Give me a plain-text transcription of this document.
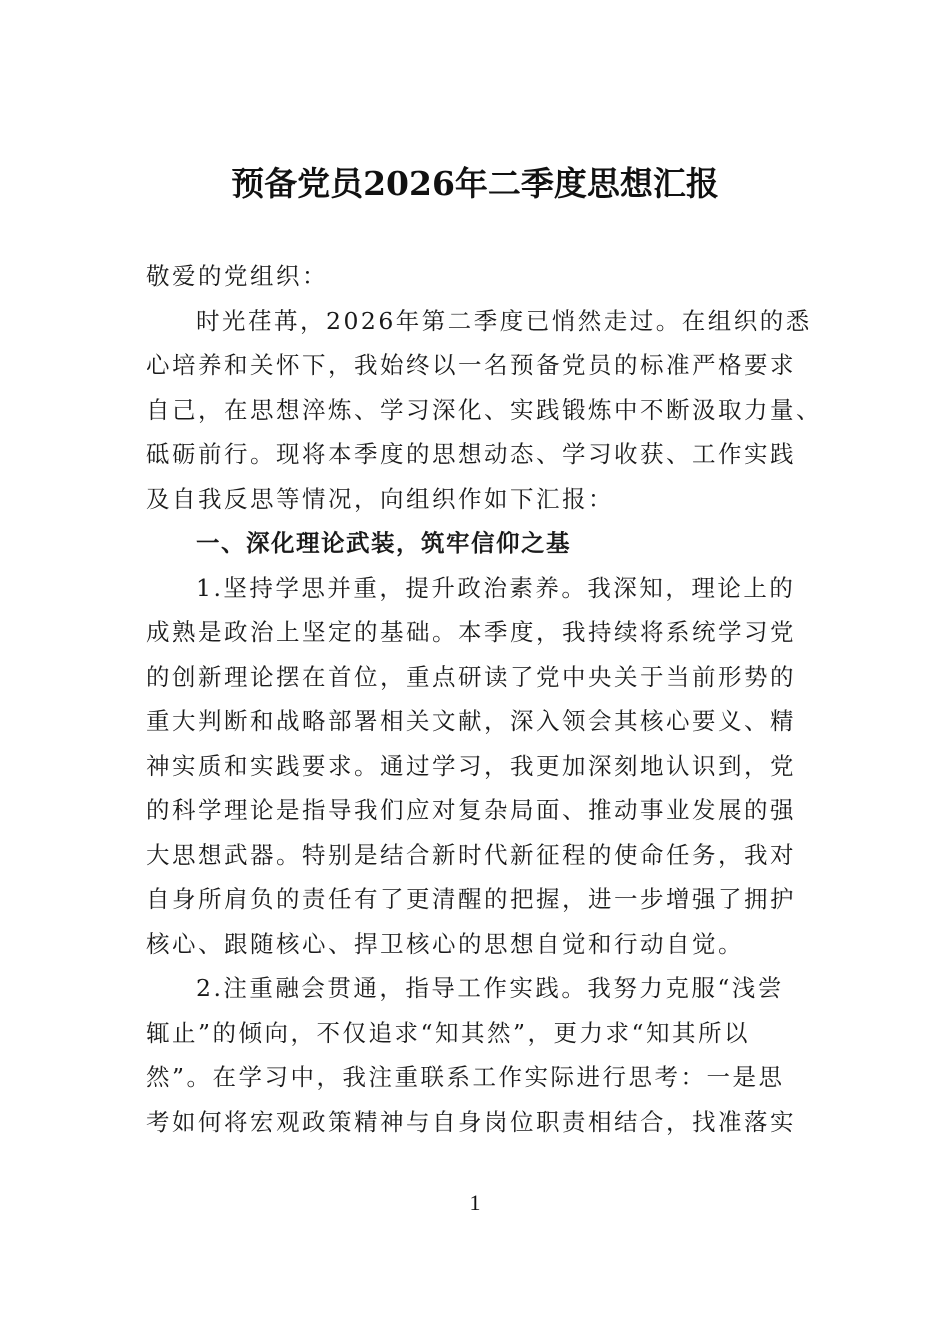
预备党员2026年二季度思想汇报
敬爱的党组织：
时光荏苒，2026年第二季度已悄然走过。在组织的悉
心培养和关怀下，我始终以一名预备党员的标准严格要求
自己，在思想淬炼、学习深化、实践锻炼中不断汲取力量、
砥砺前行。现将本季度的思想动态、学习收获、工作实践
及自我反思等情况，向组织作如下汇报：
一、深化理论武装，筑牢信仰之基
1.坚持学思并重，提升政治素养。我深知，理论上的
成熟是政治上坚定的基础。本季度，我持续将系统学习党
的创新理论摆在首位，重点研读了党中央关于当前形势的
重大判断和战略部署相关文献，深入领会其核心要义、精
神实质和实践要求。通过学习，我更加深刻地认识到，党
的科学理论是指导我们应对复杂局面、推动事业发展的强
大思想武器。特别是结合新时代新征程的使命任务，我对
自身所肩负的责任有了更清醒的把握，进一步增强了拥护
核心、跟随核心、捍卫核心的思想自觉和行动自觉。
2.注重融会贯通，指导工作实践。我努力克服“浅尝
辄止”的倾向，不仅追求“知其然”，更力求“知其所以
然”。在学习中，我注重联系工作实际进行思考：一是思
考如何将宏观政策精神与自身岗位职责相结合，找准落实
1
